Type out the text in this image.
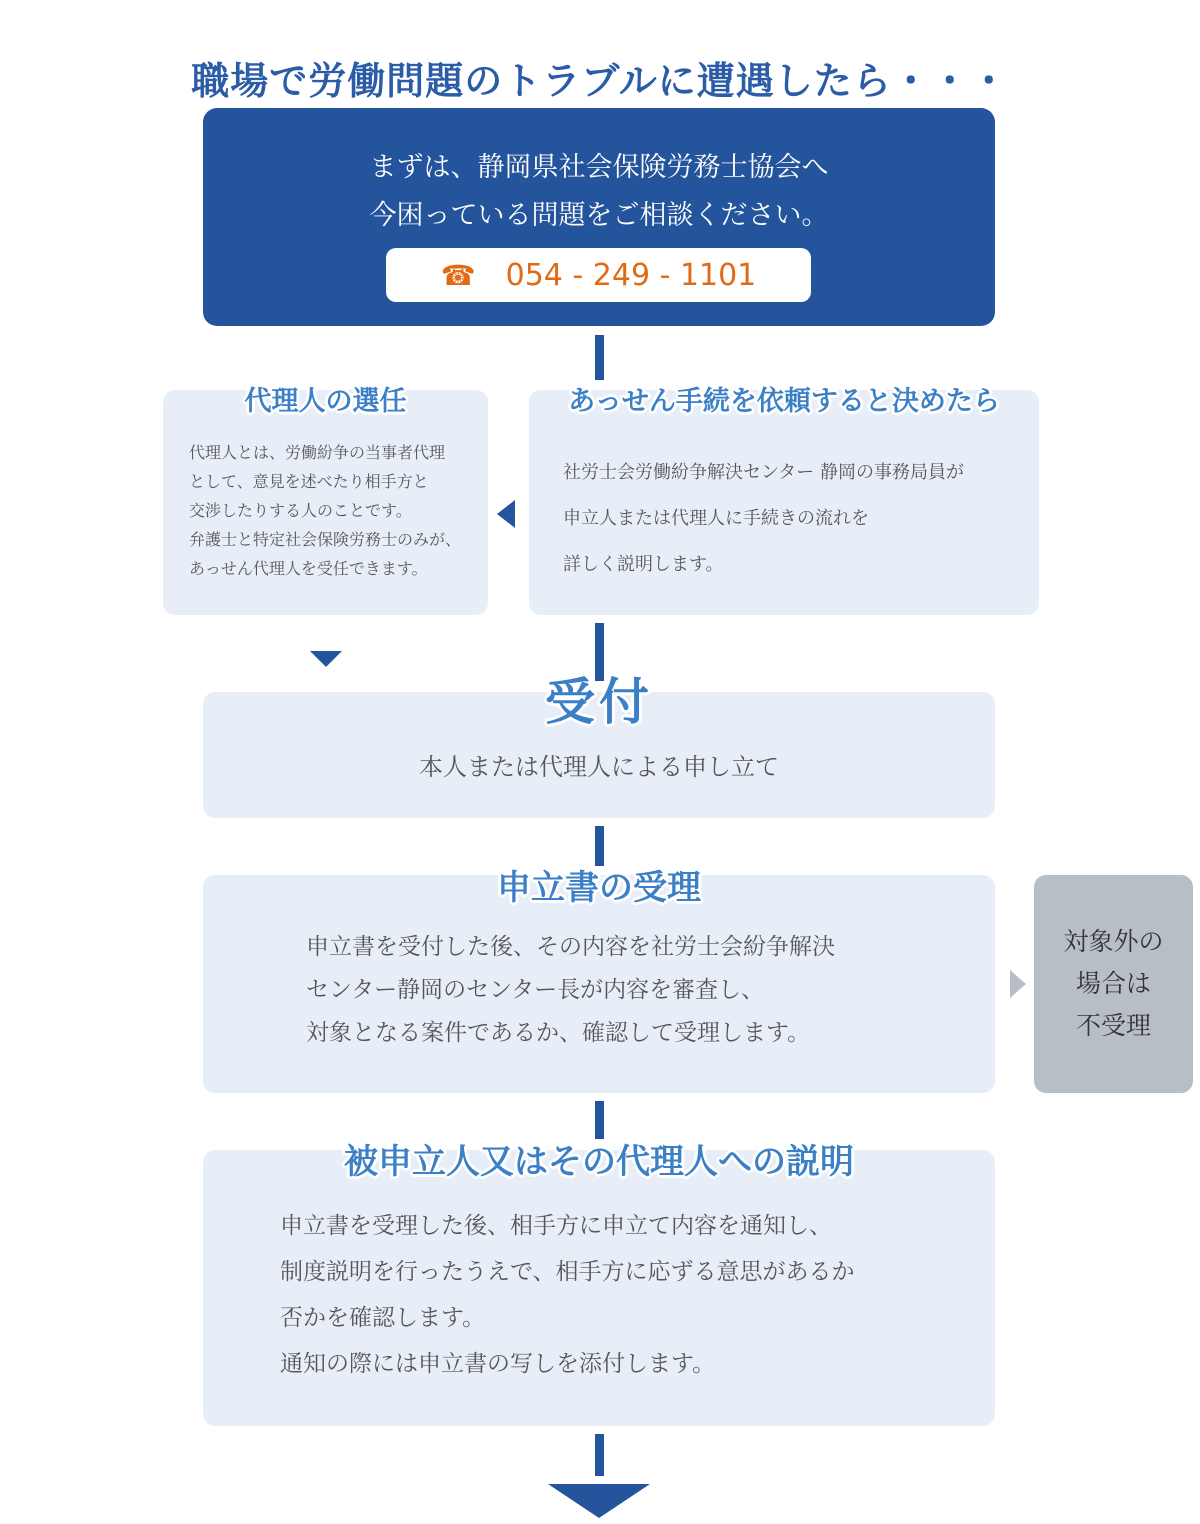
職場で労働問題のトラブルに遭遇したら・・・
まずは、静岡県社会保険労務士協会へ
今困っている問題をご相談ください。
☎ 054 - 249 - 1101
代理人の選任
代理人とは、労働紛争の当事者代理
として、意見を述べたり相手方と
交渉したりする人のことです。
弁護士と特定社会保険労務士のみが、
あっせん代理人を受任できます。
あっせん手続を依頼すると決めたら
社労士会労働紛争解決センター 静岡の事務局員が
申立人または代理人に手続きの流れを
詳しく説明します。
受付
本人または代理人による申し立て
申立書の受理
申立書を受付した後、その内容を社労士会紛争解決
センター静岡のセンター長が内容を審査し、
対象となる案件であるか、確認して受理します。
対象外の
場合は
不受理
被申立人又はその代理人への説明
申立書を受理した後、相手方に申立て内容を通知し、
制度説明を行ったうえで、相手方に応ずる意思があるか
否かを確認します。
通知の際には申立書の写しを添付します。
